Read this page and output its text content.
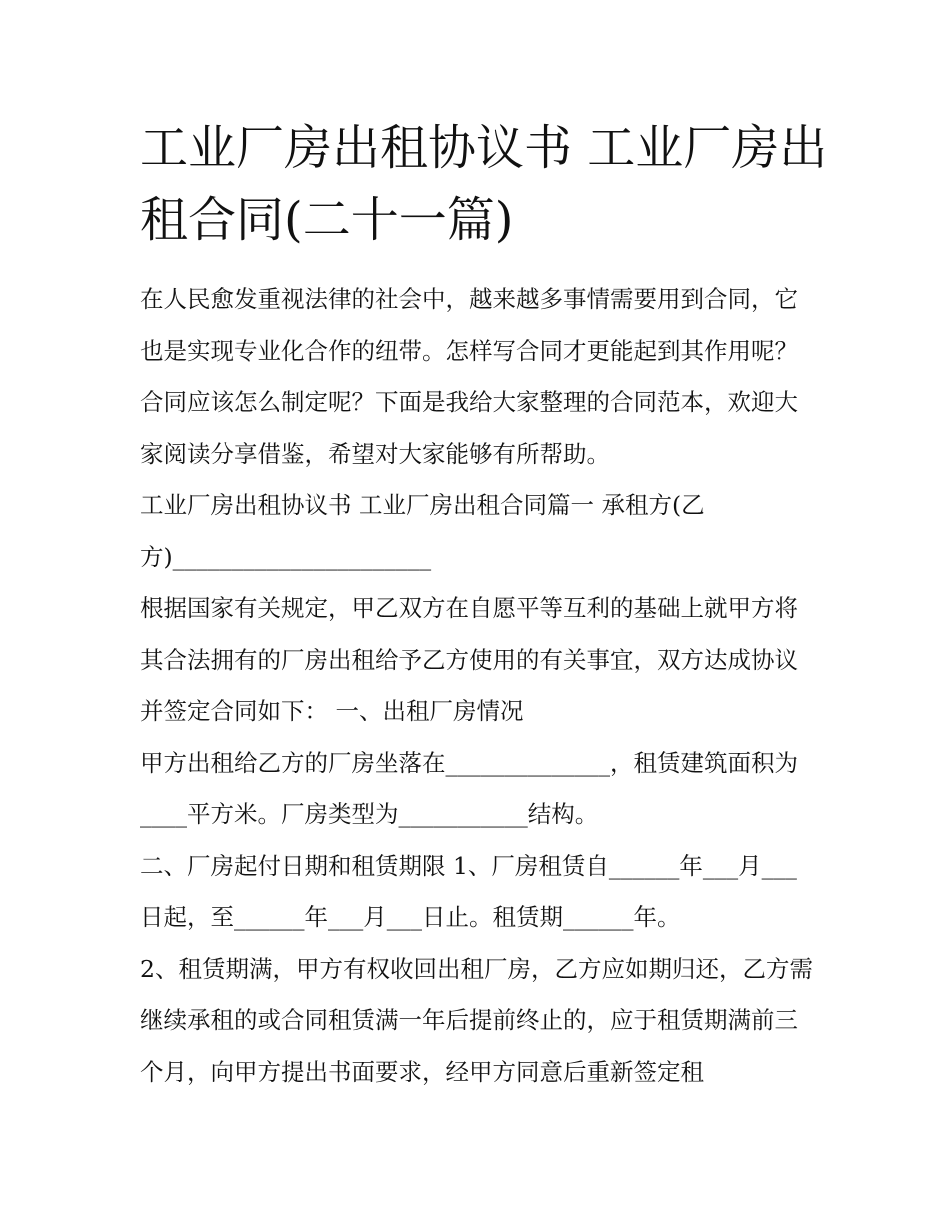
工业厂房出租协议书 工业厂房出租合同(二十一篇)

在人民愈发重视法律的社会中，越来越多事情需要用到合同，它也是实现专业化合作的纽带。怎样写合同才更能起到其作用呢？合同应该怎么制定呢？下面是我给大家整理的合同范本，欢迎大家阅读分享借鉴，希望对大家能够有所帮助。

工业厂房出租协议书 工业厂房出租合同篇一 承租方(乙方)______________________

根据国家有关规定，甲乙双方在自愿平等互利的基础上就甲方将其合法拥有的厂房出租给予乙方使用的有关事宜，双方达成协议并签定合同如下： 一、出租厂房情况

甲方出租给乙方的厂房坐落在______________，租赁建筑面积为____平方米。厂房类型为___________结构。

二、厂房起付日期和租赁期限 1、厂房租赁自______年___月___日起，至______年___月___日止。租赁期______年。

2、租赁期满，甲方有权收回出租厂房，乙方应如期归还，乙方需继续承租的或合同租赁满一年后提前终止的，应于租赁期满前三个月，向甲方提出书面要求，经甲方同意后重新签定租
